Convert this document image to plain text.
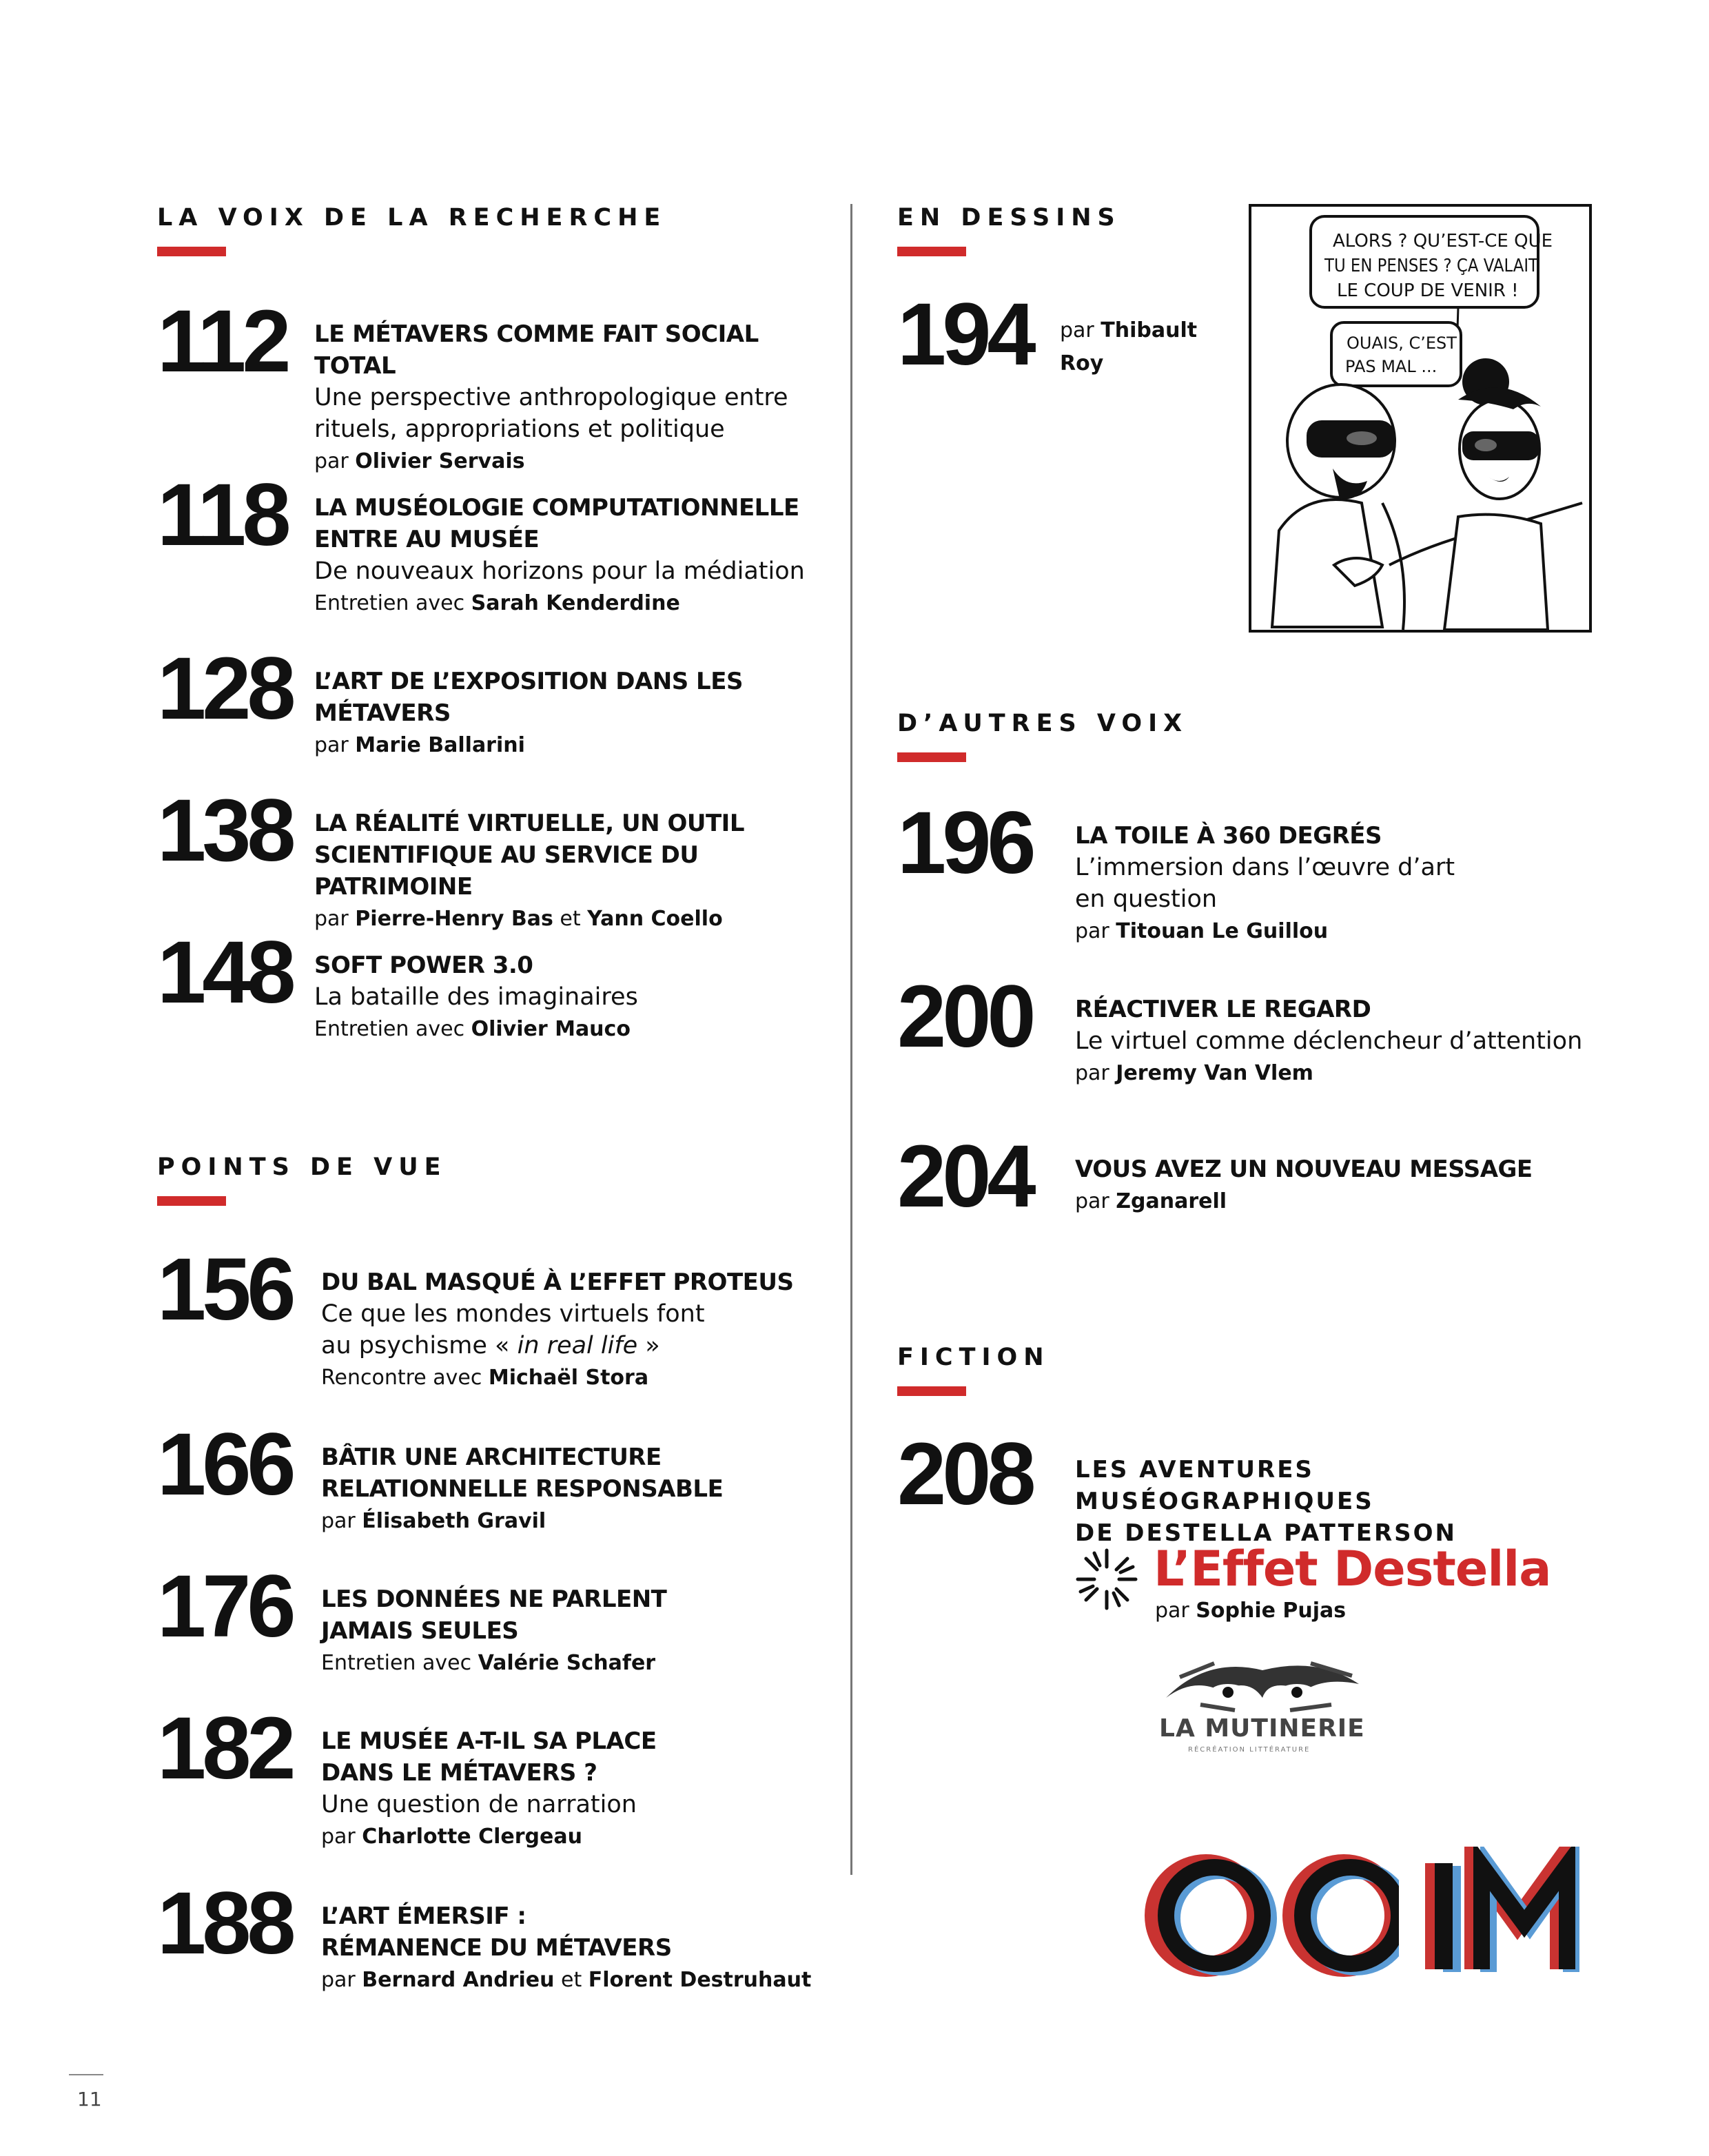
LA VOIX DE LA RECHERCHE
112 LE MÉTAVERS COMME FAIT SOCIAL TOTAL
Une perspective anthropologique entre
rituels, appropriations et politique
par Olivier Servais
118 LA MUSÉOLOGIE COMPUTATIONNELLE
ENTRE AU MUSÉE
De nouveaux horizons pour la médiation
Entretien avec Sarah Kenderdine
128 L’ART DE L’EXPOSITION DANS LES
MÉTAVERS
par Marie Ballarini
138 LA RÉALITÉ VIRTUELLE, UN OUTIL
SCIENTIFIQUE AU SERVICE DU PATRIMOINE
par Pierre-Henry Bas et Yann Coello
148 SOFT POWER 3.0
La bataille des imaginaires
Entretien avec Olivier Mauco
POINTS DE VUE
156 DU BAL MASQUÉ À L’EFFET PROTEUS
Ce que les mondes virtuels font
au psychisme « in real life »
Rencontre avec Michaël Stora
166 BÂTIR UNE ARCHITECTURE
RELATIONNELLE RESPONSABLE
par Élisabeth Gravil
176 LES DONNÉES NE PARLENT
JAMAIS SEULES
Entretien avec Valérie Schafer
182 LE MUSÉE A-T-IL SA PLACE
DANS LE MÉTAVERS ?
Une question de narration
par Charlotte Clergeau
188 L’ART ÉMERSIF :
RÉMANENCE DU MÉTAVERS
par Bernard Andrieu et Florent Destruhaut
EN DESSINS
194 par Thibault Roy
ALORS ? QU’EST-CE QUE
TU EN PENSES ? ÇA VALAIT
LE COUP DE VENIR !
OUAIS, C’EST
PAS MAL ...
D’AUTRES VOIX
196 LA TOILE À 360 DEGRÉS
L’immersion dans l’œuvre d’art
en question
par Titouan Le Guillou
200 RÉACTIVER LE REGARD
Le virtuel comme déclencheur d’attention
par Jeremy Van Vlem
204 VOUS AVEZ UN NOUVEAU MESSAGE
par Zganarell
FICTION
208 LES AVENTURES MUSÉOGRAPHIQUES
DE DESTELLA PATTERSON
L’Effet Destella
par Sophie Pujas
LA MUTINERIE
RÉCRÉATION LITTÉRATURE
OCIM
11
